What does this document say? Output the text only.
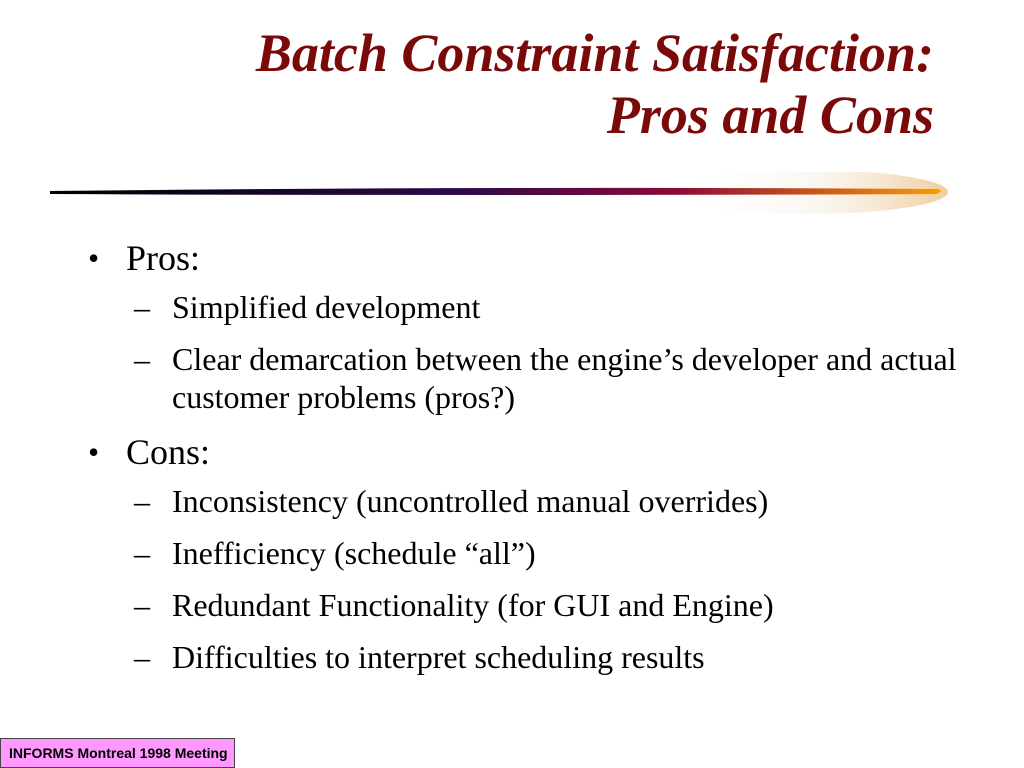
Batch Constraint Satisfaction:
Pros and Cons
• Pros:
– Simplified development
– Clear demarcation between the engine’s developer and actual customer problems (pros?)
• Cons:
– Inconsistency (uncontrolled manual overrides)
– Inefficiency (schedule “all”)
– Redundant Functionality (for GUI and Engine)
– Difficulties to interpret scheduling results
INFORMS Montreal 1998 Meeting
